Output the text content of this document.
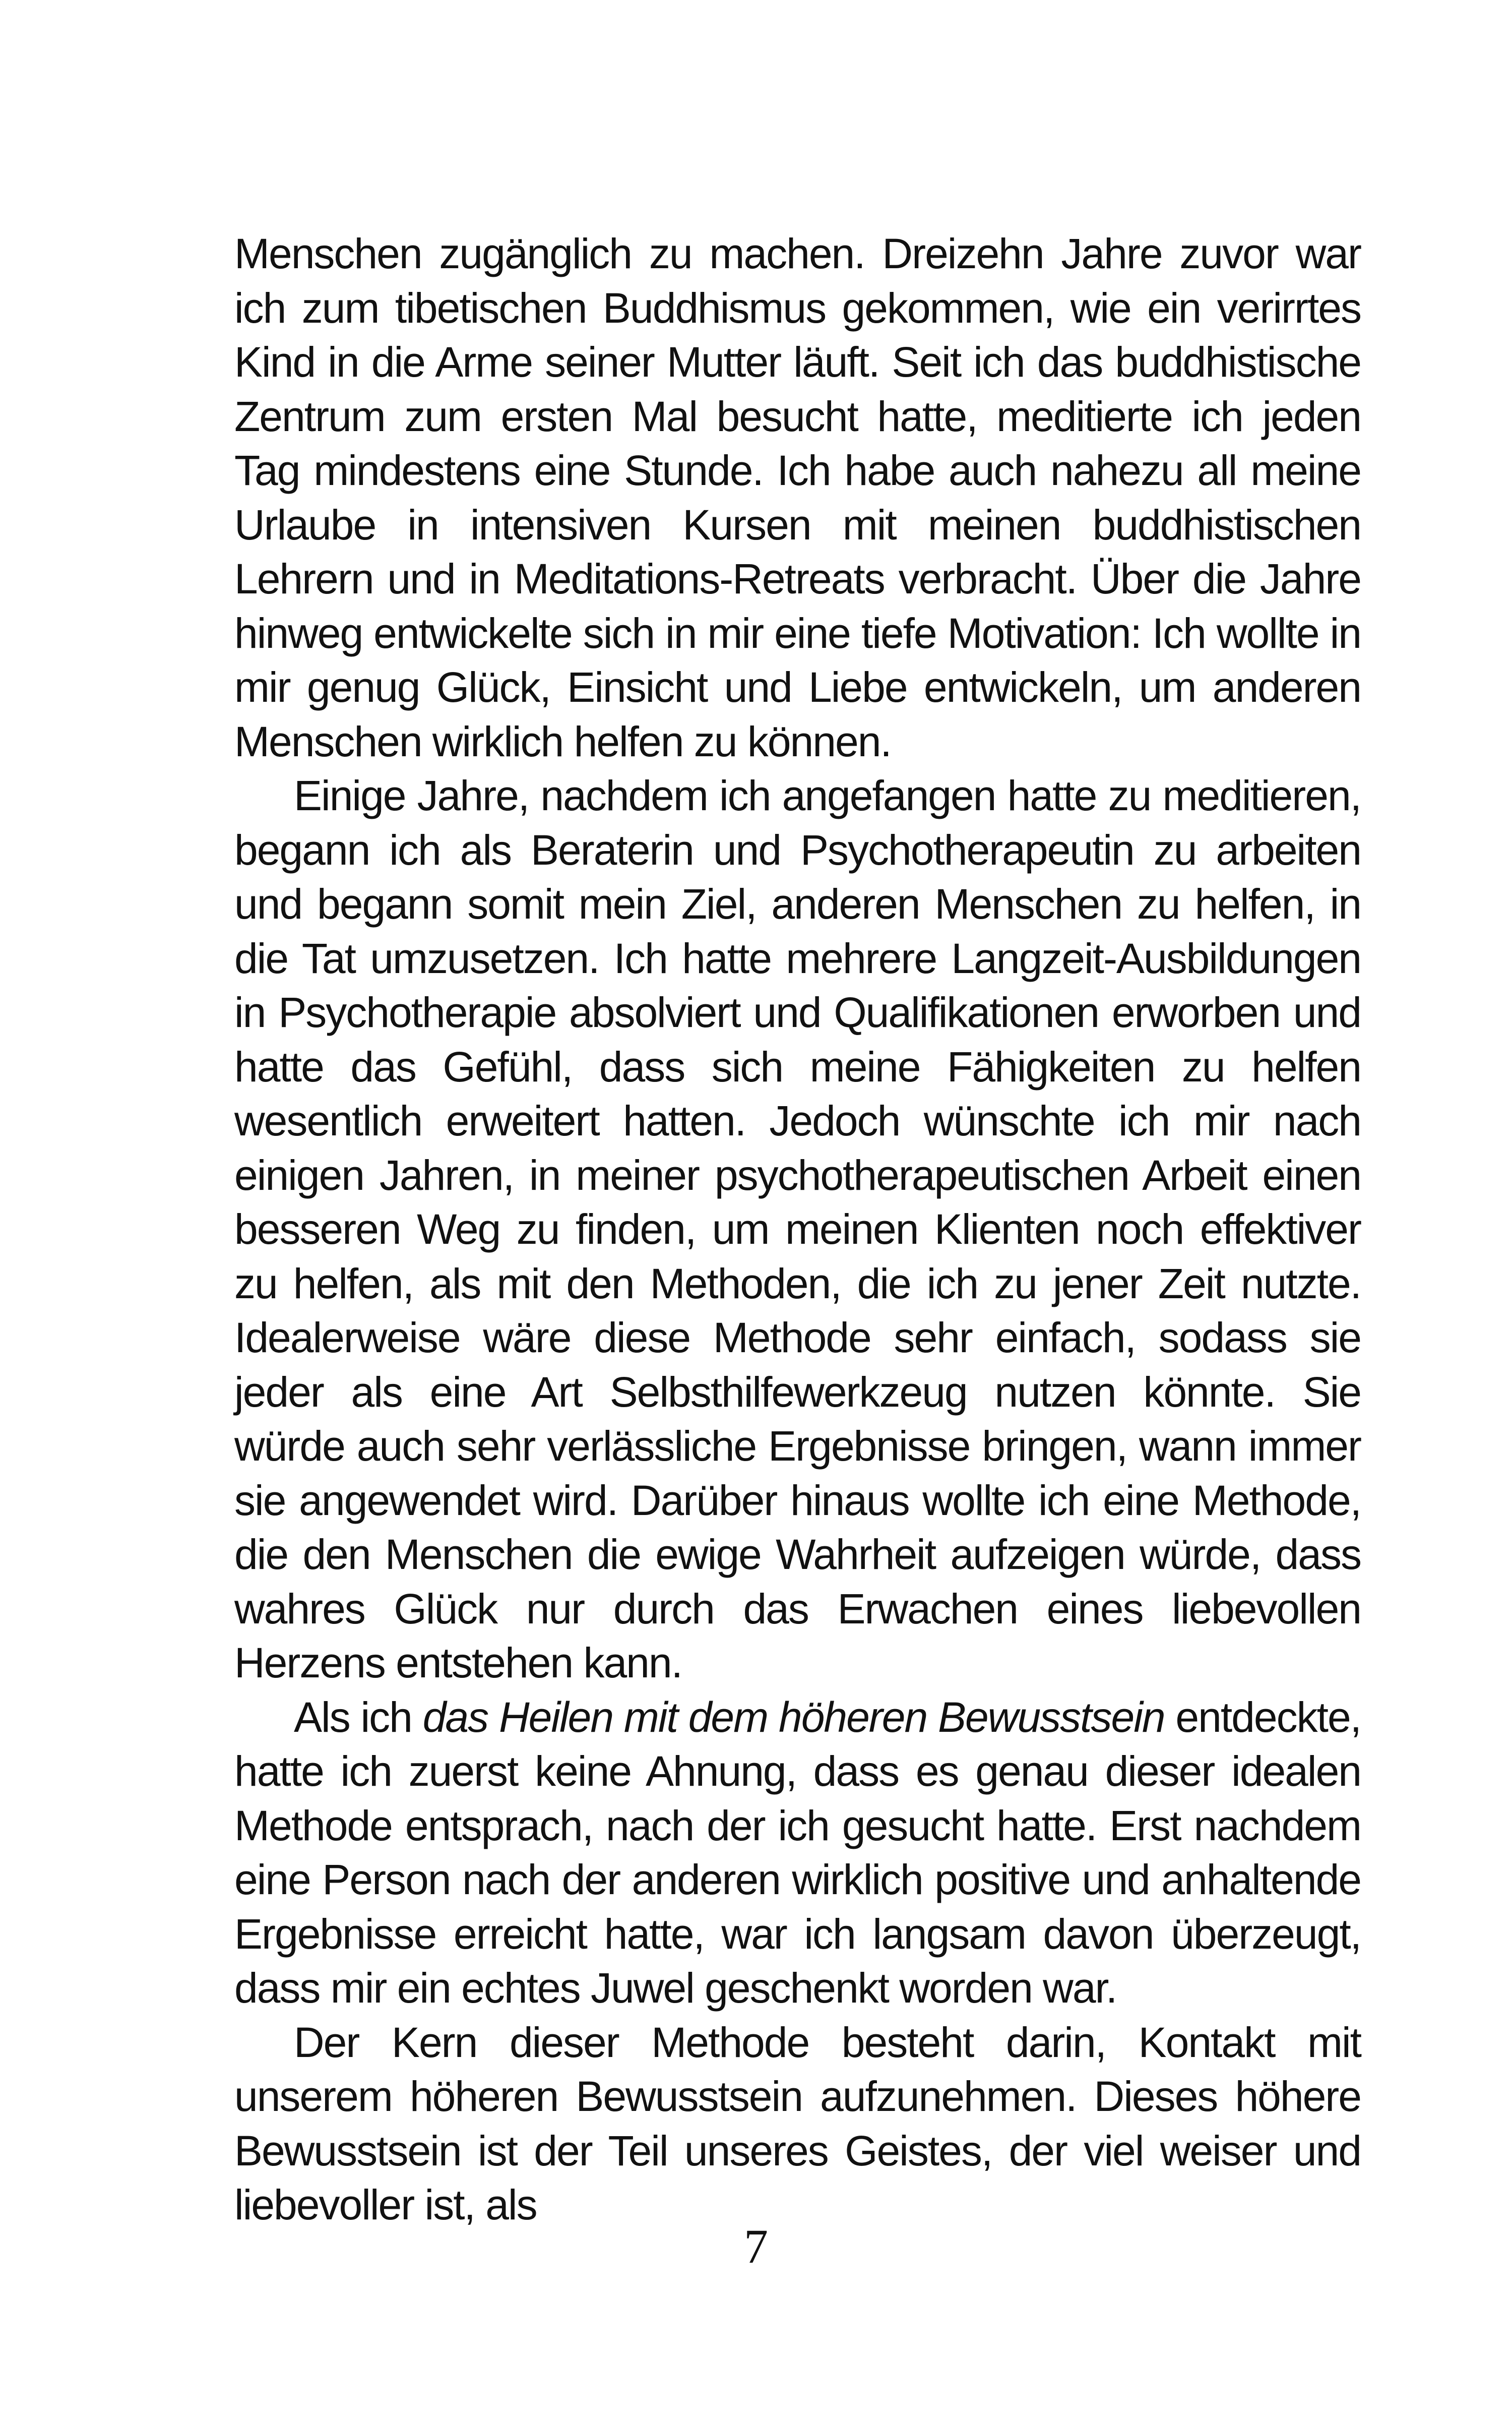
Menschen zugänglich zu machen. Dreizehn Jahre zuvor war ich zum tibetischen Buddhismus gekommen, wie ein verirrtes Kind in die Arme seiner Mutter läuft. Seit ich das buddhistische Zentrum zum ersten Mal besucht hatte, meditierte ich jeden Tag mindestens eine Stunde. Ich habe auch nahezu all meine Urlaube in intensiven Kursen mit meinen buddhistischen Lehrern und in Meditations-Retreats verbracht. Über die Jahre hinweg entwickelte sich in mir eine tiefe Motivation: Ich wollte in mir genug Glück, Einsicht und Liebe entwickeln, um anderen Menschen wirklich helfen zu können.

Einige Jahre, nachdem ich angefangen hatte zu meditieren, begann ich als Beraterin und Psychotherapeutin zu arbeiten und begann somit mein Ziel, anderen Menschen zu helfen, in die Tat umzusetzen. Ich hatte mehrere Langzeit-Ausbildungen in Psychotherapie absolviert und Qualifikationen erworben und hatte das Gefühl, dass sich meine Fähigkeiten zu helfen wesentlich erweitert hatten. Jedoch wünschte ich mir nach einigen Jahren, in meiner psychotherapeutischen Arbeit einen besseren Weg zu finden, um meinen Klienten noch effektiver zu helfen, als mit den Methoden, die ich zu jener Zeit nutzte. Idealerweise wäre diese Methode sehr einfach, sodass sie jeder als eine Art Selbsthilfewerkzeug nutzen könnte. Sie würde auch sehr verlässliche Ergebnisse bringen, wann immer sie angewendet wird. Darüber hinaus wollte ich eine Methode, die den Menschen die ewige Wahrheit aufzeigen würde, dass wahres Glück nur durch das Erwachen eines liebevollen Herzens entstehen kann.

Als ich das Heilen mit dem höheren Bewusstsein entdeckte, hatte ich zuerst keine Ahnung, dass es genau dieser idealen Methode entsprach, nach der ich gesucht hatte. Erst nachdem eine Person nach der anderen wirklich positive und anhaltende Ergebnisse erreicht hatte, war ich langsam davon überzeugt, dass mir ein echtes Juwel geschenkt worden war.

Der Kern dieser Methode besteht darin, Kontakt mit unserem höheren Bewusstsein aufzunehmen. Dieses höhere Bewusstsein ist der Teil unseres Geistes, der viel weiser und liebevoller ist, als

7
